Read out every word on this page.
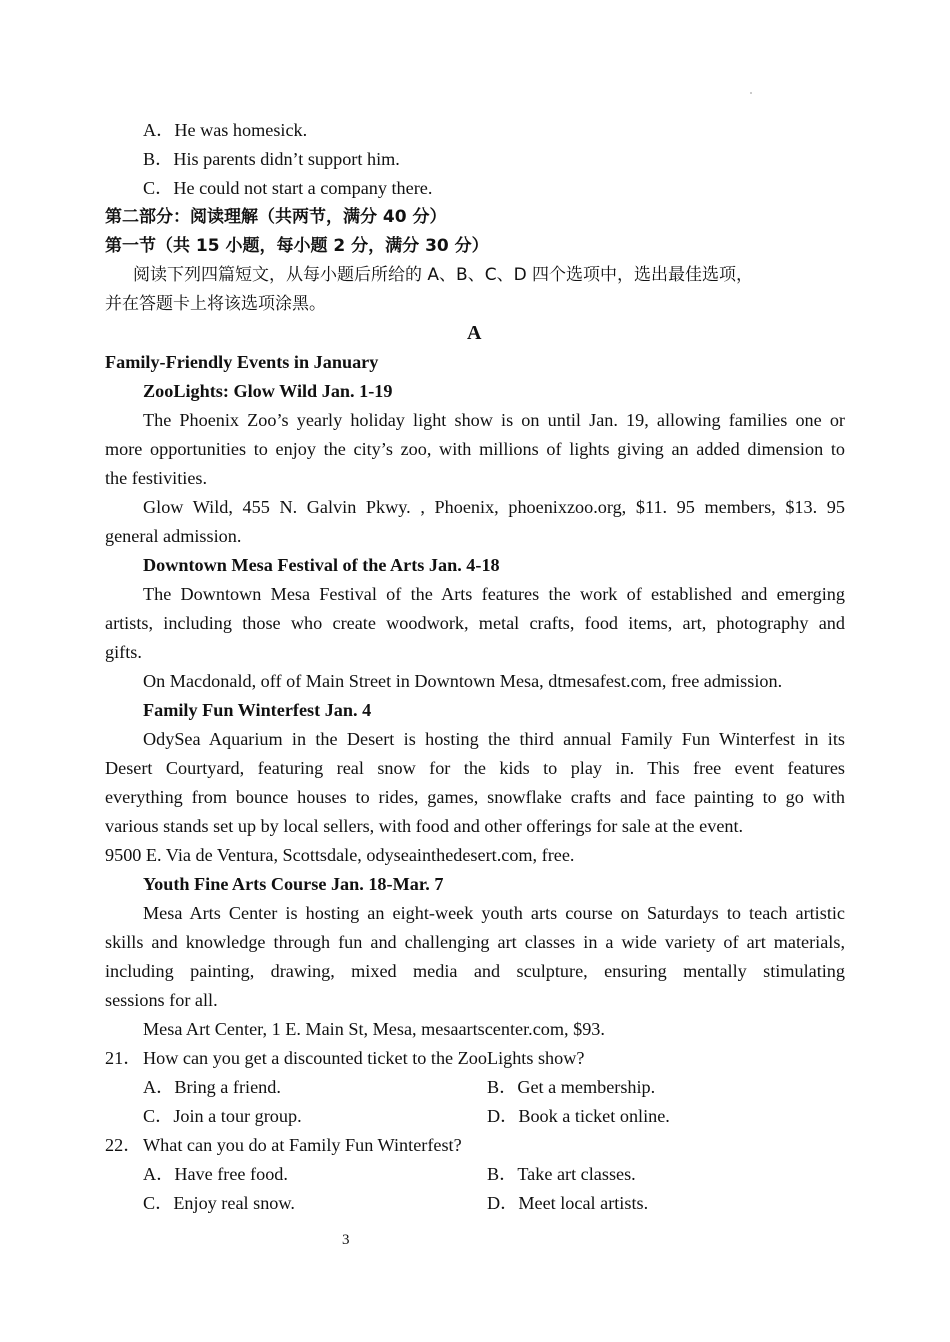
A．He was homesick.
B．His parents didn’t support him.
C．He could not start a company there.
第二部分：阅读理解（共两节，满分 40 分）
第一节（共 15 小题，每小题 2 分，满分 30 分）
阅读下列四篇短文，从每小题后所给的 A、B、C、D 四个选项中，选出最佳选项，
并在答题卡上将该选项涂黑。
A
Family-Friendly Events in January
ZooLights: Glow Wild Jan. 1-19
The Phoenix Zoo’s yearly holiday light show is on until Jan. 19, allowing families one or
more opportunities to enjoy the city’s zoo, with millions of lights giving an added dimension to
the festivities.
Glow Wild, 455 N. Galvin Pkwy. , Phoenix, phoenixzoo.org, $11. 95 members, $13. 95
general admission.
Downtown Mesa Festival of the Arts Jan. 4-18
The Downtown Mesa Festival of the Arts features the work of established and emerging
artists, including those who create woodwork, metal crafts, food items, art, photography and
gifts.
On Macdonald, off of Main Street in Downtown Mesa, dtmesafest.com, free admission.
Family Fun Winterfest Jan. 4
OdySea Aquarium in the Desert is hosting the third annual Family Fun Winterfest in its
Desert Courtyard, featuring real snow for the kids to play in. This free event features
everything from bounce houses to rides, games, snowflake crafts and face painting to go with
various stands set up by local sellers, with food and other offerings for sale at the event.
9500 E. Via de Ventura, Scottsdale, odyseainthedesert.com, free.
Youth Fine Arts Course Jan. 18-Mar. 7
Mesa Arts Center is hosting an eight-week youth arts course on Saturdays to teach artistic
skills and knowledge through fun and challenging art classes in a wide variety of art materials,
including painting, drawing, mixed media and sculpture, ensuring mentally stimulating
sessions for all.
Mesa Art Center, 1 E. Main St, Mesa, mesaartscenter.com, $93.
21． How can you get a discounted ticket to the ZooLights show?
A．Bring a friend.	B．Get a membership.
C．Join a tour group.	D．Book a ticket online.
22． What can you do at Family Fun Winterfest?
A．Have free food.	B．Take art classes.
C．Enjoy real snow.	D．Meet local artists.
3
